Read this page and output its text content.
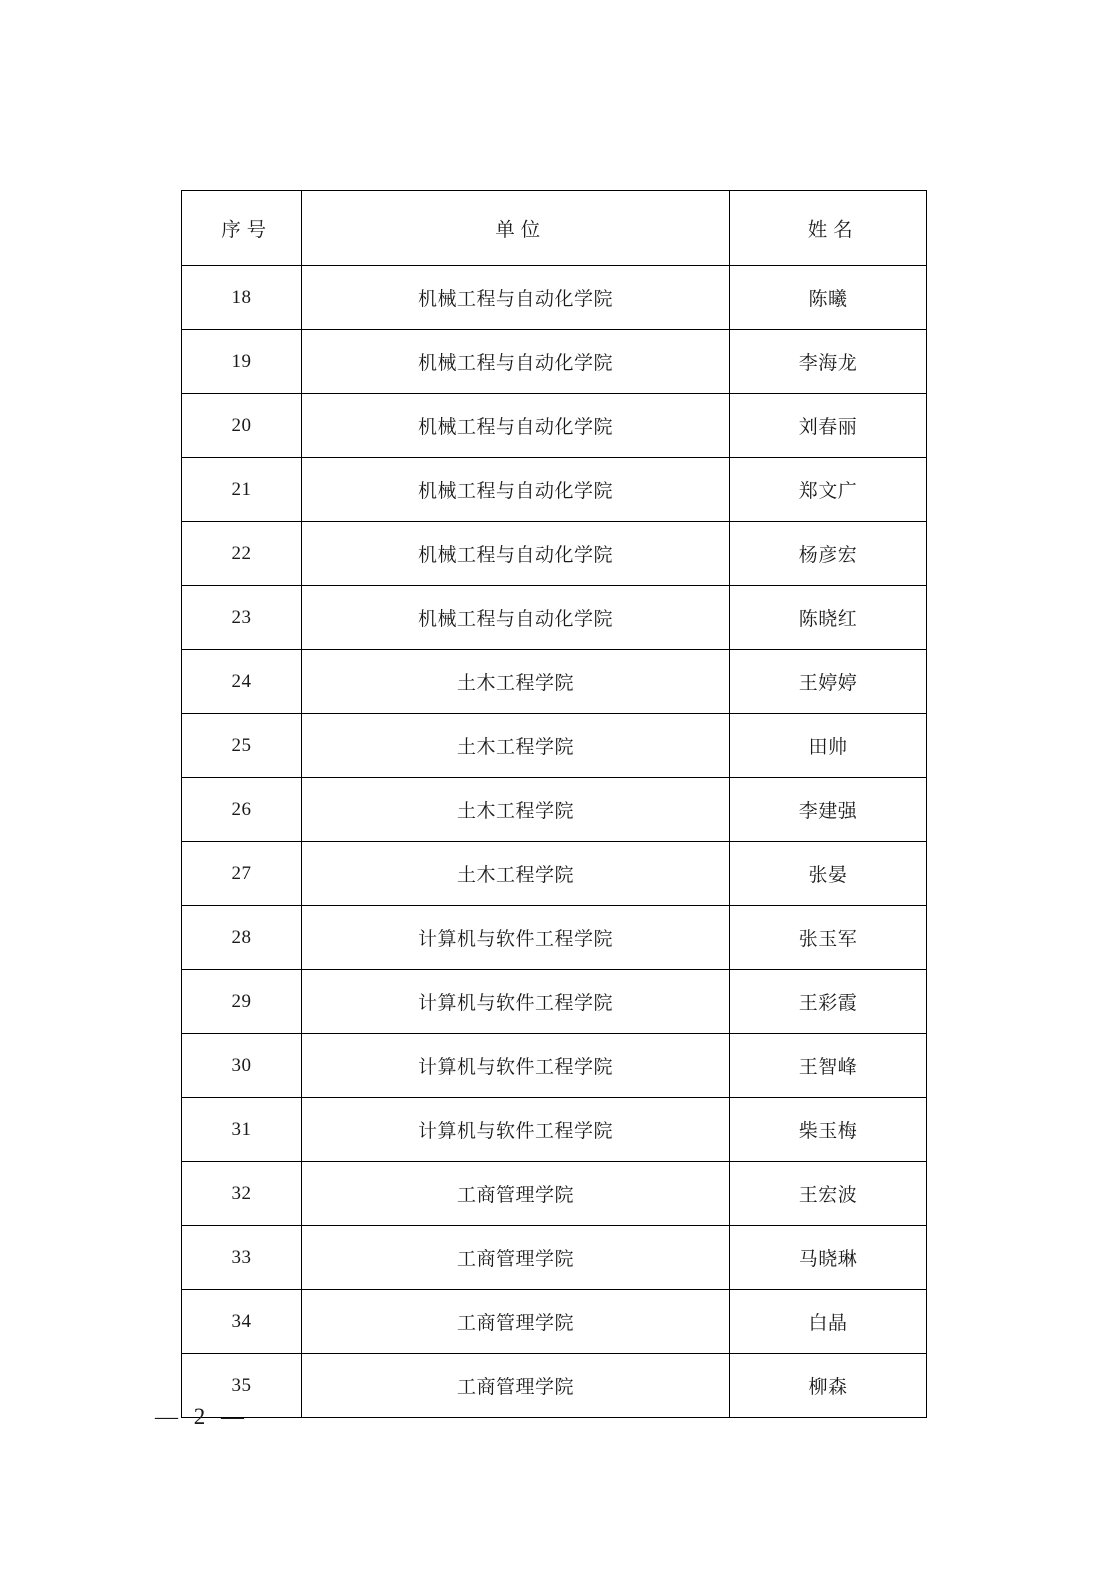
序 号	单 位	姓 名
18	机械工程与自动化学院	陈曦
19	机械工程与自动化学院	李海龙
20	机械工程与自动化学院	刘春丽
21	机械工程与自动化学院	郑文广
22	机械工程与自动化学院	杨彦宏
23	机械工程与自动化学院	陈晓红
24	土木工程学院	王婷婷
25	土木工程学院	田帅
26	土木工程学院	李建强
27	土木工程学院	张晏
28	计算机与软件工程学院	张玉军
29	计算机与软件工程学院	王彩霞
30	计算机与软件工程学院	王智峰
31	计算机与软件工程学院	柴玉梅
32	工商管理学院	王宏波
33	工商管理学院	马晓琳
34	工商管理学院	白晶
35	工商管理学院	柳森
— 2 —
